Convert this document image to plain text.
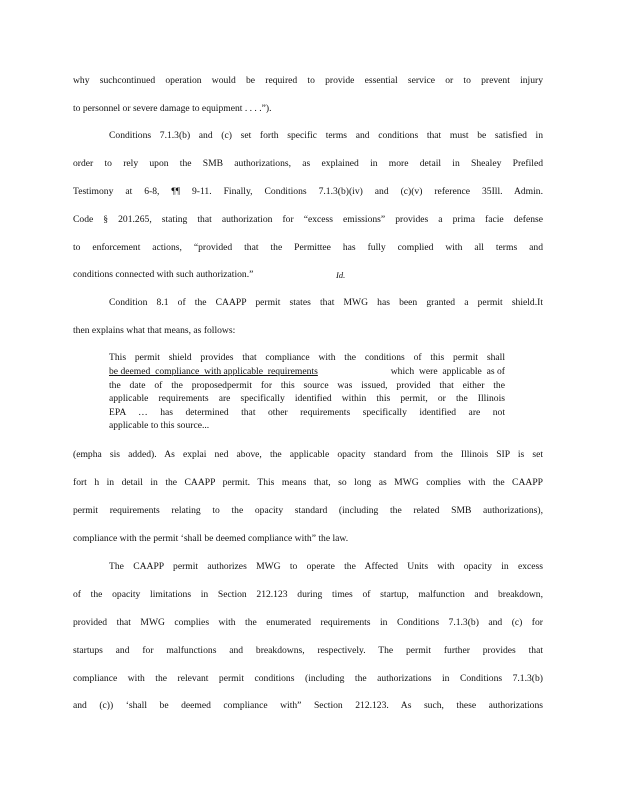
why suchcontinued operation would be required to provide essential service or to prevent injury
to personnel or severe damage to equipment . . . .”).
Conditions 7.1.3(b) and (c) set forth specific terms and conditions that must be satisfied in
order to rely upon the SMB authorizations, as explained in more detail in Shealey Prefiled
Testimony at 6-8, ¶¶ 9-11. Finally, Conditions 7.1.3(b)(iv) and (c)(v) reference 35Ill. Admin.
Code § 201.265, stating that authorization for “excess emissions” provides a prima facie defense
to enforcement actions, “provided that the Permittee has fully complied with all terms and
conditions connected with such authorization.”	Id.
Condition 8.1 of the CAAPP permit states that MWG has been granted a permit shield.It
then explains what that means, as follows:
This permit shield provides that compliance with the conditions of this permit shall
be deemed  compliance  with applicable  requirements	which  were  applicable  as of
the date of the proposedpermit for this source was issued, provided that either the
applicable requirements are specifically identified within this permit, or the Illinois
EPA … has determined that other requirements specifically identified are not
applicable to this source...
(empha sis added). As explai ned above, the applicable opacity standard from the Illinois SIP is set
fort h in detail in the CAAPP permit. This means that, so long as MWG complies with the CAAPP
permit requirements relating to the opacity standard (including the related SMB authorizations),
compliance with the permit ‘shall be deemed compliance with” the law.
The CAAPP permit authorizes MWG to operate the Affected Units with opacity in excess
of the opacity limitations in Section 212.123 during times of startup, malfunction and breakdown,
provided that MWG complies with the enumerated requirements in Conditions 7.1.3(b) and (c) for
startups and for malfunctions and breakdowns, respectively. The permit further provides that
compliance with the relevant permit conditions (including the authorizations in Conditions 7.1.3(b)
and (c)) ‘shall be deemed compliance with” Section 212.123. As such, these authorizations
